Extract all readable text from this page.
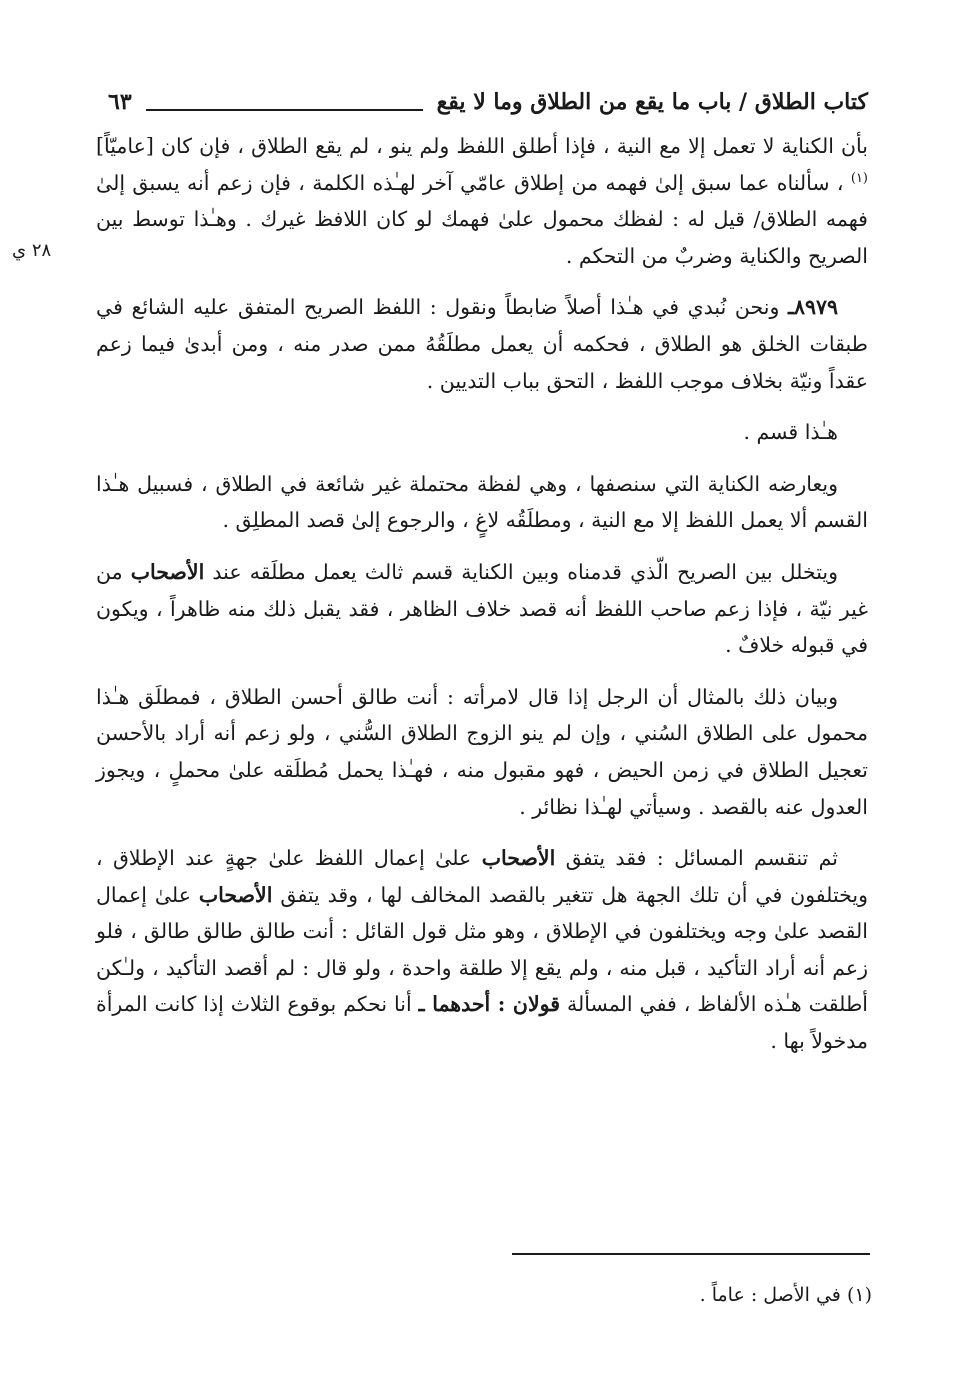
كتاب الطلاق / باب ما يقع من الطلاق وما لا يقع
٦٣
٢٨ ي

بأن الكناية لا تعمل إلا مع النية ، فإذا أطلق اللفظ ولم ينو ، لم يقع الطلاق ، فإن كان [عاميّاً]$^{(١)}$ ، سألناه عما سبق إلىٰ فهمه من إطلاق عامّي آخر لهـٰذه الكلمة ، فإن زعم أنه يسبق إلىٰ فهمه الطلاق/ قيل له : لفظك محمول علىٰ فهمك لو كان اللافظ غيرك . وهـٰذا توسط بين الصريح والكناية وضربٌ من التحكم .

٨٩٧٩ـ ونحن نُبدي في هـٰذا أصلاً ضابطاً ونقول : اللفظ الصريح المتفق عليه الشائع في طبقات الخلق هو الطلاق ، فحكمه أن يعمل مطلَقُهُ ممن صدر منه ، ومن أبدىٰ فيما زعم عقداً ونيّة بخلاف موجب اللفظ ، التحق بباب التديين .

هـٰذا قسم .

ويعارضه الكناية التي سنصفها ، وهي لفظة محتملة غير شائعة في الطلاق ، فسبيل هـٰذا القسم ألا يعمل اللفظ إلا مع النية ، ومطلَقُه لاغٍ ، والرجوع إلىٰ قصد المطلِق .

ويتخلل بين الصريح الّذي قدمناه وبين الكناية قسم ثالث يعمل مطلَقه عند الأصحاب من غير نيّة ، فإذا زعم صاحب اللفظ أنه قصد خلاف الظاهر ، فقد يقبل ذلك منه ظاهراً ، ويكون في قبوله خلافٌ .

وبيان ذلك بالمثال أن الرجل إذا قال لامرأته : أنت طالق أحسن الطلاق ، فمطلَق هـٰذا محمول على الطلاق السُني ، وإن لم ينو الزوج الطلاق السُّني ، ولو زعم أنه أراد بالأحسن تعجيل الطلاق في زمن الحيض ، فهو مقبول منه ، فهـٰذا يحمل مُطلَقه علىٰ محملٍ ، ويجوز العدول عنه بالقصد . وسيأتي لهـٰذا نظائر .

ثم تنقسم المسائل : فقد يتفق الأصحاب علىٰ إعمال اللفظ علىٰ جهةٍ عند الإطلاق ، ويختلفون في أن تلك الجهة هل تتغير بالقصد المخالف لها ، وقد يتفق الأصحاب علىٰ إعمال القصد علىٰ وجه ويختلفون في الإطلاق ، وهو مثل قول القائل : أنت طالق طالق طالق ، فلو زعم أنه أراد التأكيد ، قبل منه ، ولم يقع إلا طلقة واحدة ، ولو قال : لم أقصد التأكيد ، ولـٰكن أطلقت هـٰذه الألفاظ ، ففي المسألة قولان : أحدهما ـ أنا نحكم بوقوع الثلاث إذا كانت المرأة مدخولاً بها .

(١) في الأصل : عاماً .
